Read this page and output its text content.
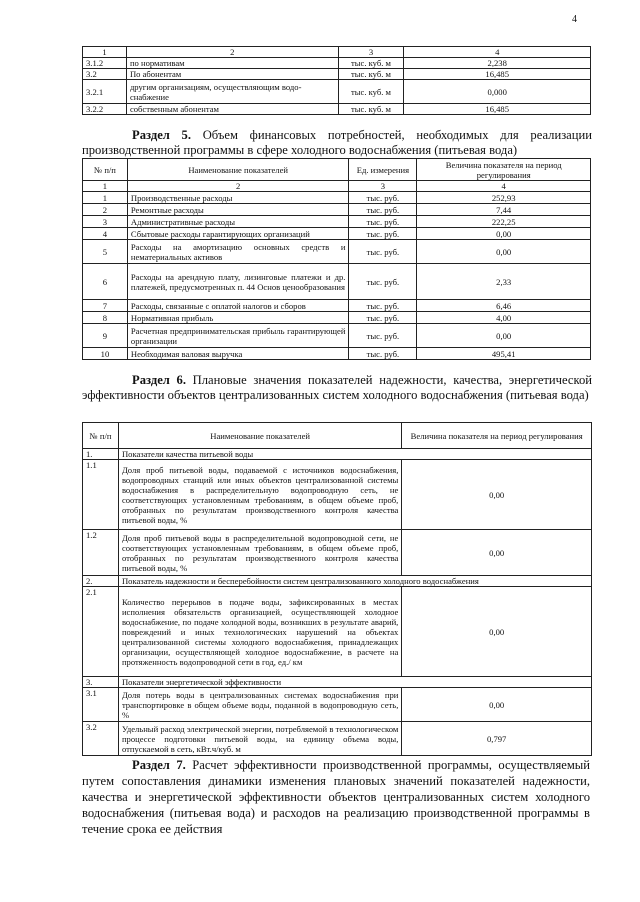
4
1	2	3	4
3.1.2	по нормативам	тыс. куб. м	2,238
3.2	По абонентам	тыс. куб. м	16,485
3.2.1	другим организациям, осуществляющим водо-снабжение	тыс. куб. м	0,000
3.2.2	собственным абонентам	тыс. куб. м	16,485
Раздел 5. Объем финансовых потребностей, необходимых для реализации производственной программы в сфере холодного водоснабжения (питьевая вода)
№ п/п	Наименование показателей	Ед. измерения	Величина показателя на период регулирования
1	2	3	4
1	Производственные расходы	тыс. руб.	252,93
2	Ремонтные расходы	тыс. руб.	7,44
3	Административные расходы	тыс. руб.	222,25
4	Сбытовые расходы гарантирующих организаций	тыс. руб.	0,00
5	Расходы на амортизацию основных средств и нематериальных активов	тыс. руб.	0,00
6	Расходы на арендную плату, лизинговые платежи и др. платежей, предусмотренных п. 44 Основ ценообразования	тыс. руб.	2,33
7	Расходы, связанные с оплатой налогов и сборов	тыс. руб.	6,46
8	Нормативная прибыль	тыс. руб.	4,00
9	Расчетная предпринимательская прибыль гарантирующей организации	тыс. руб.	0,00
10	Необходимая валовая выручка	тыс. руб.	495,41
Раздел 6. Плановые значения показателей надежности, качества, энергетической эффективности объектов централизованных систем холодного водоснабжения (питьевая вода)
№ п/п	Наименование показателей	Величина показателя на период регулирования
1.	Показатели качества питьевой воды	
1.1	Доля проб питьевой воды, подаваемой с источников водоснабжения, водопроводных станций или иных объектов централизованной системы водоснабжения в распределительную водопроводную сеть, не соответствующих установленным требованиям, в общем объеме проб, отобранных по результатам производственного контроля качества питьевой воды, %	0,00
1.2	Доля проб питьевой воды в распределительной водопроводной сети, не соответствующих установленным требованиям, в общем объеме проб, отобранных по результатам производственного контроля качества питьевой воды, %	0,00
2.	Показатель надежности и бесперебойности систем централизованного холодного водоснабжения	
2.1	Количество перерывов в подаче воды, зафиксированных в местах исполнения обязательств организацией, осуществляющей холодное водоснабжение, по подаче холодной воды, возникших в результате аварий, повреждений и иных технологических нарушений на объектах централизованной системы холодного водоснабжения, принадлежащих организации, осуществляющей холодное водоснабжение, в расчете на протяженность водопроводной сети в год, ед./ км	0,00
3.	Показатели энергетической эффективности	
3.1	Доля потерь воды в централизованных системах водоснабжения при транспортировке в общем объеме воды, поданной в водопроводную сеть, %	0,00
3.2	Удельный расход электрической энергии, потребляемой в технологическом процессе подготовки питьевой воды, на единицу объема воды, отпускаемой в сеть, кВт.ч/куб. м	0,797

Раздел 7. Расчет эффективности производственной программы, осуществляемый путем сопоставления динамики изменения плановых значений показателей надежности, качества и энергетической эффективности объектов централизованных систем холодного водоснабжения (питьевая вода) и расходов на реализацию производственной программы в течение срока ее действия
